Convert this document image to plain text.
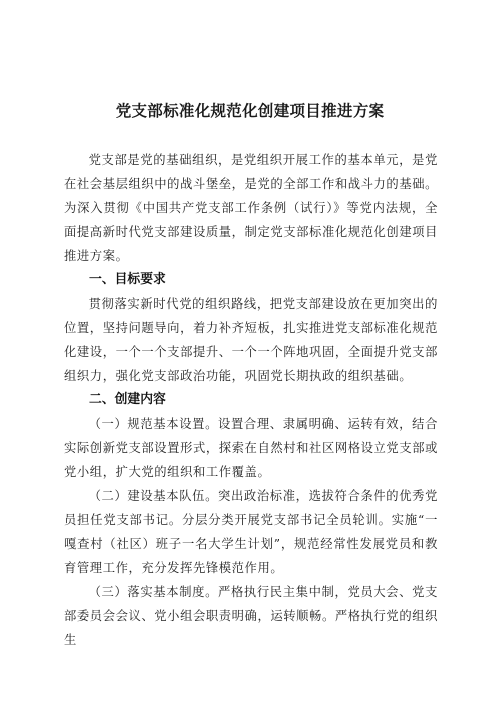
党支部标准化规范化创建项目推进方案

党支部是党的基础组织，是党组织开展工作的基本单元，是党在社会基层组织中的战斗堡垒，是党的全部工作和战斗力的基础。为深入贯彻《中国共产党支部工作条例（试行）》等党内法规，全面提高新时代党支部建设质量，制定党支部标准化规范化创建项目推进方案。

一、目标要求

贯彻落实新时代党的组织路线，把党支部建设放在更加突出的位置，坚持问题导向，着力补齐短板，扎实推进党支部标准化规范化建设，一个一个支部提升、一个一个阵地巩固，全面提升党支部组织力，强化党支部政治功能，巩固党长期执政的组织基础。

二、创建内容

（一）规范基本设置。设置合理、隶属明确、运转有效，结合实际创新党支部设置形式，探索在自然村和社区网格设立党支部或党小组，扩大党的组织和工作覆盖。

（二）建设基本队伍。突出政治标准，选拔符合条件的优秀党员担任党支部书记。分层分类开展党支部书记全员轮训。实施“一嘎查村（社区）班子一名大学生计划”，规范经常性发展党员和教育管理工作，充分发挥先锋模范作用。

（三）落实基本制度。严格执行民主集中制，党员大会、党支部委员会会议、党小组会职责明确，运转顺畅。严格执行党的组织生
